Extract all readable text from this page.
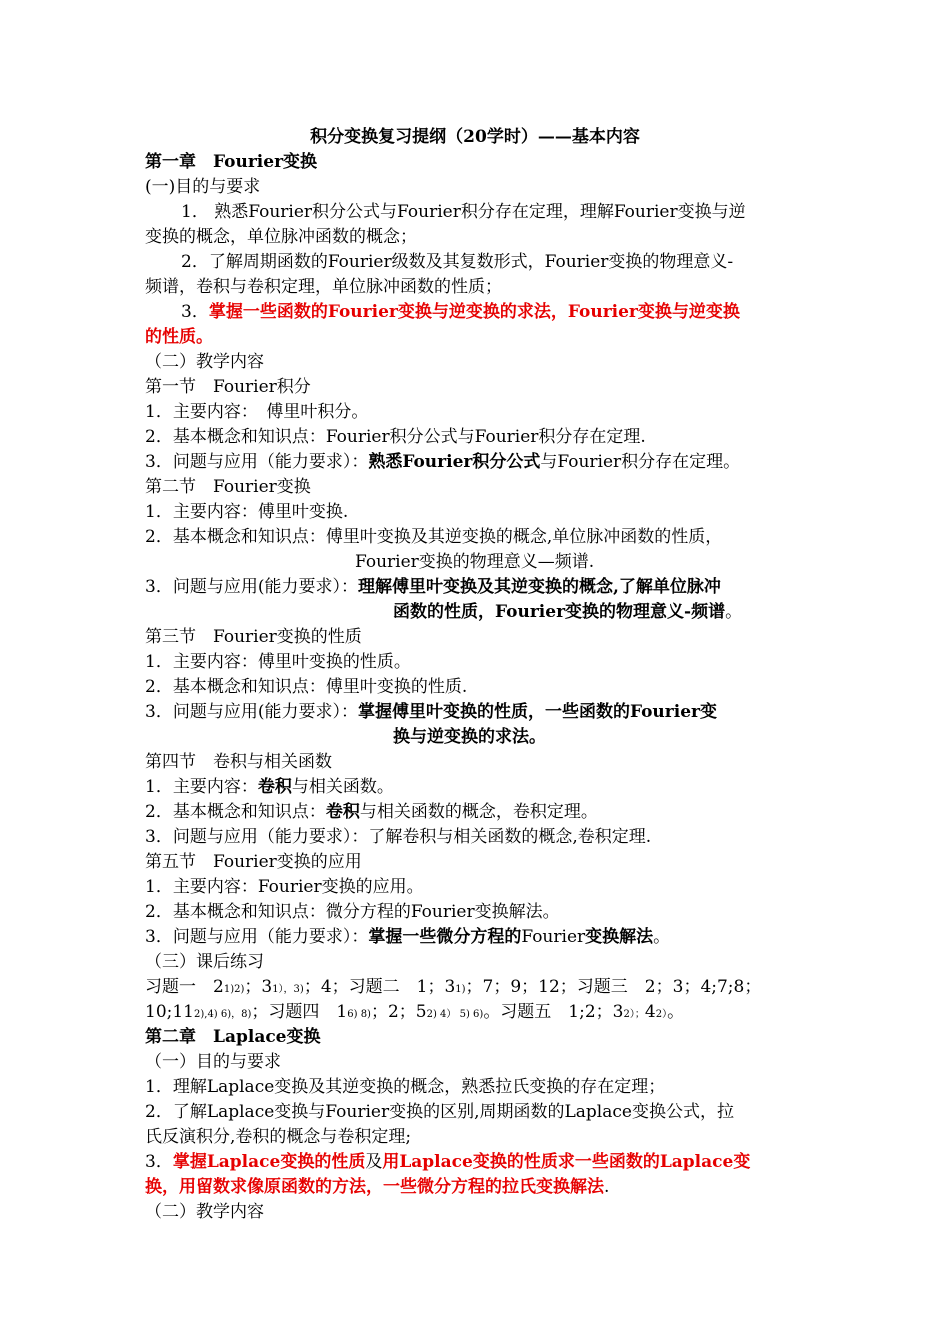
积分变换复习提纲（20学时）——基本内容
第一章　Fourier变换
(一)目的与要求
1． 熟悉Fourier积分公式与Fourier积分存在定理，理解Fourier变换与逆
变换的概念，单位脉冲函数的概念；
2．了解周期函数的Fourier级数及其复数形式，Fourier变换的物理意义-
频谱，卷积与卷积定理，单位脉冲函数的性质；
3．掌握一些函数的Fourier变换与逆变换的求法，Fourier变换与逆变换
的性质。
（二）教学内容
第一节　Fourier积分
1．主要内容：　傅里叶积分。
2．基本概念和知识点：Fourier积分公式与Fourier积分存在定理.
3．问题与应用（能力要求）：熟悉Fourier积分公式与Fourier积分存在定理。
第二节　Fourier变换
1．主要内容：傅里叶变换.
2．基本概念和知识点：傅里叶变换及其逆变换的概念,单位脉冲函数的性质，
Fourier变换的物理意义—频谱.
3．问题与应用(能力要求）：理解傅里叶变换及其逆变换的概念,了解单位脉冲
函数的性质，Fourier变换的物理意义-频谱。
第三节　Fourier变换的性质
1．主要内容：傅里叶变换的性质。
2．基本概念和知识点：傅里叶变换的性质.
3．问题与应用(能力要求）：掌握傅里叶变换的性质，一些函数的Fourier变
换与逆变换的求法。
第四节　卷积与相关函数
1．主要内容：卷积与相关函数。
2．基本概念和知识点：卷积与相关函数的概念，卷积定理。
3．问题与应用（能力要求）：了解卷积与相关函数的概念,卷积定理.
第五节　Fourier变换的应用
1．主要内容：Fourier变换的应用。
2．基本概念和知识点：微分方程的Fourier变换解法。
3．问题与应用（能力要求）：掌握一些微分方程的Fourier变换解法。
（三）课后练习
习题一　21)2)；31），3)；4；习题二　1；31)；7；9；12；习题三　2；3；4;7;8；
10;112),4) 6)，8)；习题四　16) 8)；2；52) 4） 5) 6)。习题五　1;2；32）；42）。
第二章　Laplace变换
（一）目的与要求
1．理解Laplace变换及其逆变换的概念，熟悉拉氏变换的存在定理；
2．了解Laplace变换与Fourier变换的区别,周期函数的Laplace变换公式，拉
氏反演积分,卷积的概念与卷积定理;
3．掌握Laplace变换的性质及用Laplace变换的性质求一些函数的Laplace变
换，用留数求像原函数的方法，一些微分方程的拉氏变换解法.
（二）教学内容
